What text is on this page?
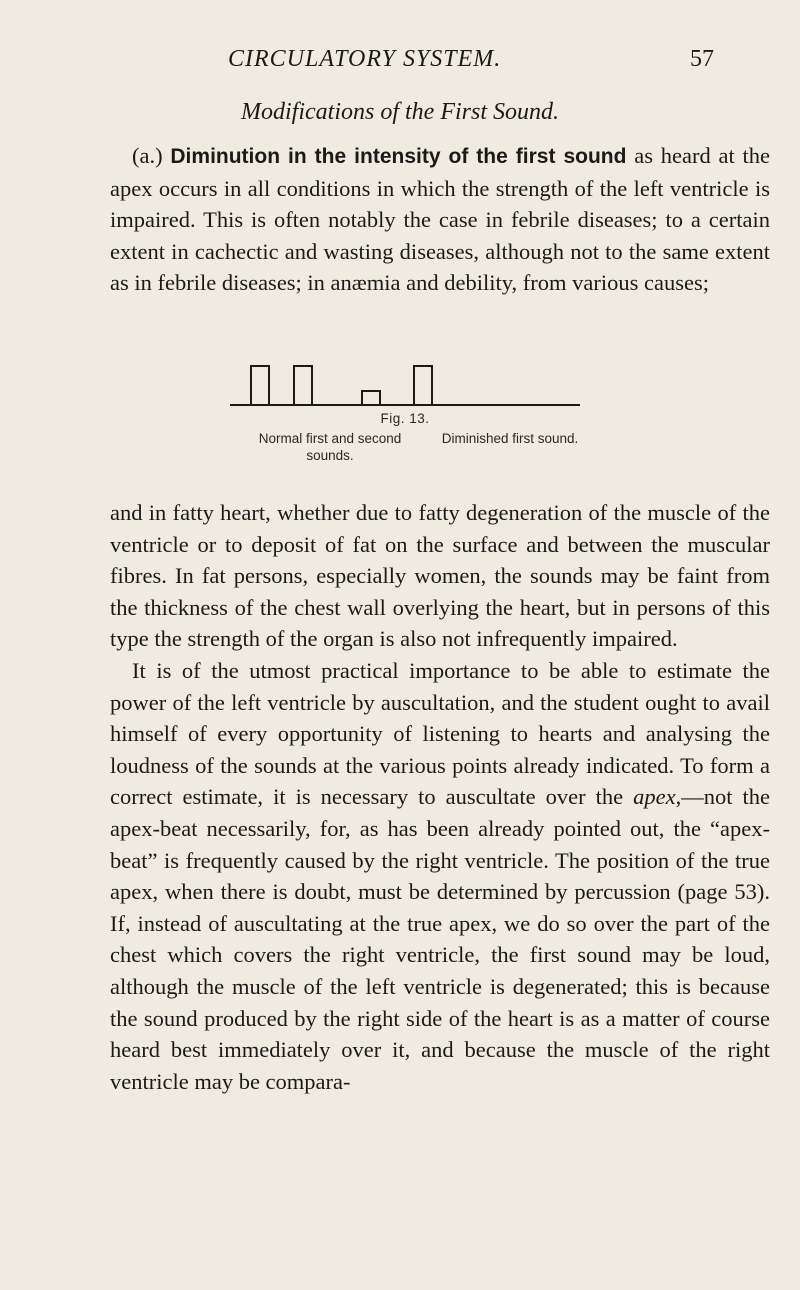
CIRCULATORY SYSTEM.	57
Modifications of the First Sound.

(a.) Diminution in the intensity of the first sound as heard at the apex occurs in all conditions in which the strength of the left ventricle is impaired. This is often notably the case in febrile diseases; to a certain extent in cachectic and wasting diseases, although not to the same extent as in febrile diseases; in anæmia and debility, from various causes;

Fig. 13.
Normal first and second sounds.
Diminished first sound.

and in fatty heart, whether due to fatty degeneration of the muscle of the ventricle or to deposit of fat on the surface and between the muscular fibres. In fat persons, especially women, the sounds may be faint from the thickness of the chest wall overlying the heart, but in persons of this type the strength of the organ is also not infrequently impaired.

It is of the utmost practical importance to be able to estimate the power of the left ventricle by auscultation, and the student ought to avail himself of every opportunity of listening to hearts and analysing the loudness of the sounds at the various points already indicated. To form a correct estimate, it is necessary to auscultate over the apex,—not the apex-beat necessarily, for, as has been already pointed out, the “apex-beat” is frequently caused by the right ventricle. The position of the true apex, when there is doubt, must be determined by percussion (page 53). If, instead of auscultating at the true apex, we do so over the part of the chest which covers the right ventricle, the first sound may be loud, although the muscle of the left ventricle is degenerated; this is because the sound produced by the right side of the heart is as a matter of course heard best immediately over it, and because the muscle of the right ventricle may be compara-
